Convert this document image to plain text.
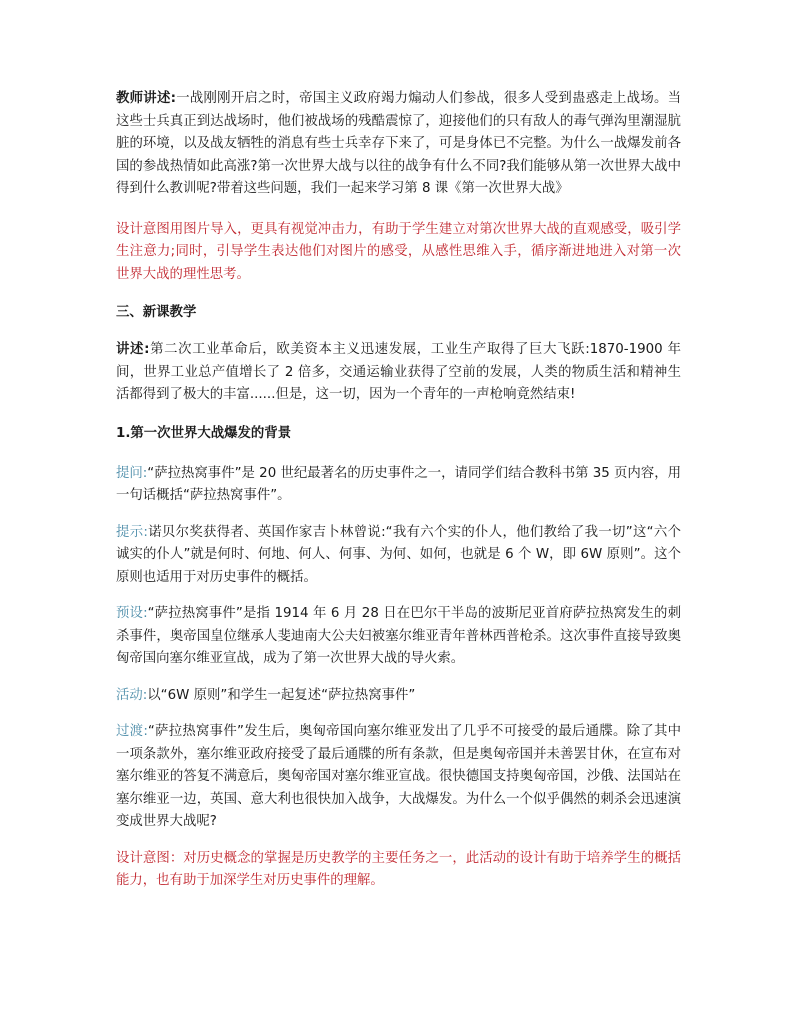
教师讲述:一战刚刚开启之时，帝国主义政府竭力煽动人们参战，很多人受到蛊惑走上战场。当这些士兵真正到达战场时，他们被战场的残酷震惊了，迎接他们的只有敌人的毒气弹沟里潮湿肮脏的环境，以及战友牺牲的消息有些士兵幸存下来了，可是身体已不完整。为什么一战爆发前各国的参战热情如此高涨?第一次世界大战与以往的战争有什么不同?我们能够从第一次世界大战中得到什么教训呢?带着这些问题，我们一起来学习第 8 课《第一次世界大战》

设计意图用图片导入，更具有视觉冲击力，有助于学生建立对第次世界大战的直观感受，吸引学生注意力;同时，引导学生表达他们对图片的感受，从感性思维入手，循序渐进地进入对第一次世界大战的理性思考。

三、新课教学

讲述:第二次工业革命后，欧美资本主义迅速发展，工业生产取得了巨大飞跃:1870-1900 年间，世界工业总产值增长了 2 倍多，交通运输业获得了空前的发展，人类的物质生活和精神生活都得到了极大的丰富......但是，这一切，因为一个青年的一声枪响竟然结束!

1.第一次世界大战爆发的背景

提问:“萨拉热窝事件”是 20 世纪最著名的历史事件之一，请同学们结合教科书第 35 页内容，用一句话概括“萨拉热窝事件”。

提示:诺贝尔奖获得者、英国作家吉卜林曾说:“我有六个实的仆人，他们教给了我一切”这“六个诚实的仆人”就是何时、何地、何人、何事、为何、如何，也就是 6 个 W，即 6W 原则”。这个原则也适用于对历史事件的概括。

预设:“萨拉热窝事件”是指 1914 年 6 月 28 日在巴尔干半岛的波斯尼亚首府萨拉热窝发生的刺杀事件，奥帝国皇位继承人斐迪南大公夫妇被塞尔维亚青年普林西普枪杀。这次事件直接导致奥匈帝国向塞尔维亚宣战，成为了第一次世界大战的导火索。

活动:以“6W 原则”和学生一起复述“萨拉热窝事件”

过渡:“萨拉热窝事件”发生后，奥匈帝国向塞尔维亚发出了几乎不可接受的最后通牒。除了其中一项条款外，塞尔维亚政府接受了最后通牒的所有条款，但是奥匈帝国并未善罢甘休，在宣布对塞尔维亚的答复不满意后，奥匈帝国对塞尔维亚宣战。很快德国支持奥匈帝国，沙俄、法国站在塞尔维亚一边，英国、意大利也很快加入战争，大战爆发。为什么一个似乎偶然的刺杀会迅速演变成世界大战呢?

设计意图：对历史概念的掌握是历史教学的主要任务之一，此活动的设计有助于培养学生的概括能力，也有助于加深学生对历史事件的理解。
